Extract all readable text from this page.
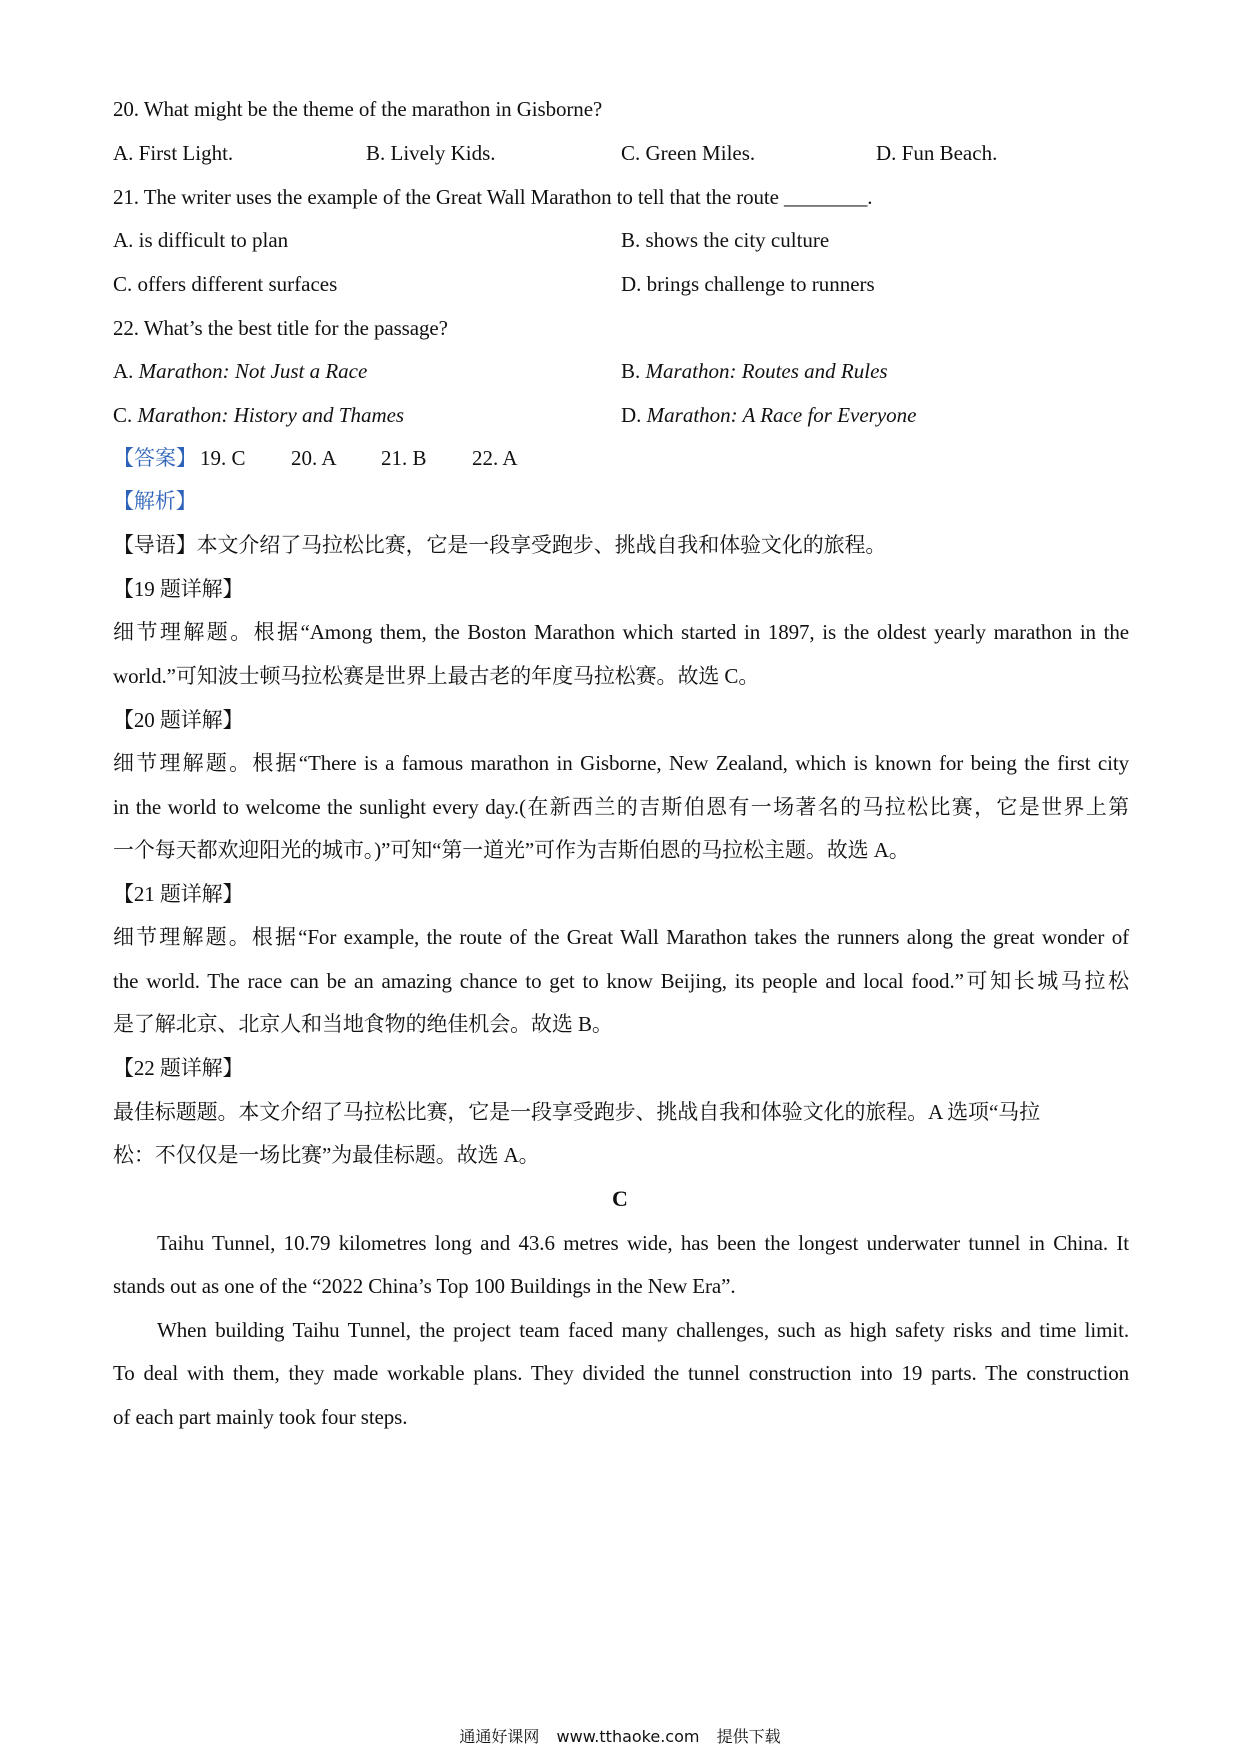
20. What might be the theme of the marathon in Gisborne?
A. First Light.	B. Lively Kids.	C. Green Miles.	D. Fun Beach.
21. The writer uses the example of the Great Wall Marathon to tell that the route ________.
A. is difficult to plan	B. shows the city culture
C. offers different surfaces	D. brings challenge to runners
22. What’s the best title for the passage?
A. Marathon: Not Just a Race	B. Marathon: Routes and Rules
C. Marathon: History and Thames	D. Marathon: A Race for Everyone
【答案】 19. C 20. A 21. B 22. A
【解析】
【导语】本文介绍了马拉松比赛，它是一段享受跑步、挑战自我和体验文化的旅程。
【19 题详解】
细节理解题。根据“Among them, the Boston Marathon which started in 1897, is the oldest yearly marathon in the
world.”可知波士顿马拉松赛是世界上最古老的年度马拉松赛。故选 C。
【20 题详解】
细节理解题。根据“There is a famous marathon in Gisborne, New Zealand, which is known for being the first city
in the world to welcome the sunlight every day.(在新西兰的吉斯伯恩有一场著名的马拉松比赛，它是世界上第
一个每天都欢迎阳光的城市。)”可知“第一道光”可作为吉斯伯恩的马拉松主题。故选 A。
【21 题详解】
细节理解题。根据“For example, the route of the Great Wall Marathon takes the runners along the great wonder of
the world. The race can be an amazing chance to get to know Beijing, its people and local food.”可知长城马拉松
是了解北京、北京人和当地食物的绝佳机会。故选 B。
【22 题详解】
最佳标题题。本文介绍了马拉松比赛，它是一段享受跑步、挑战自我和体验文化的旅程。A 选项“马拉
松：不仅仅是一场比赛”为最佳标题。故选 A。
C
Taihu Tunnel, 10.79 kilometres long and 43.6 metres wide, has been the longest underwater tunnel in China. It
stands out as one of the “2022 China’s Top 100 Buildings in the New Era”.
When building Taihu Tunnel, the project team faced many challenges, such as high safety risks and time limit.
To deal with them, they made workable plans. They divided the tunnel construction into 19 parts. The construction
of each part mainly took four steps.
通通好课网 www.tthaoke.com 提供下载
